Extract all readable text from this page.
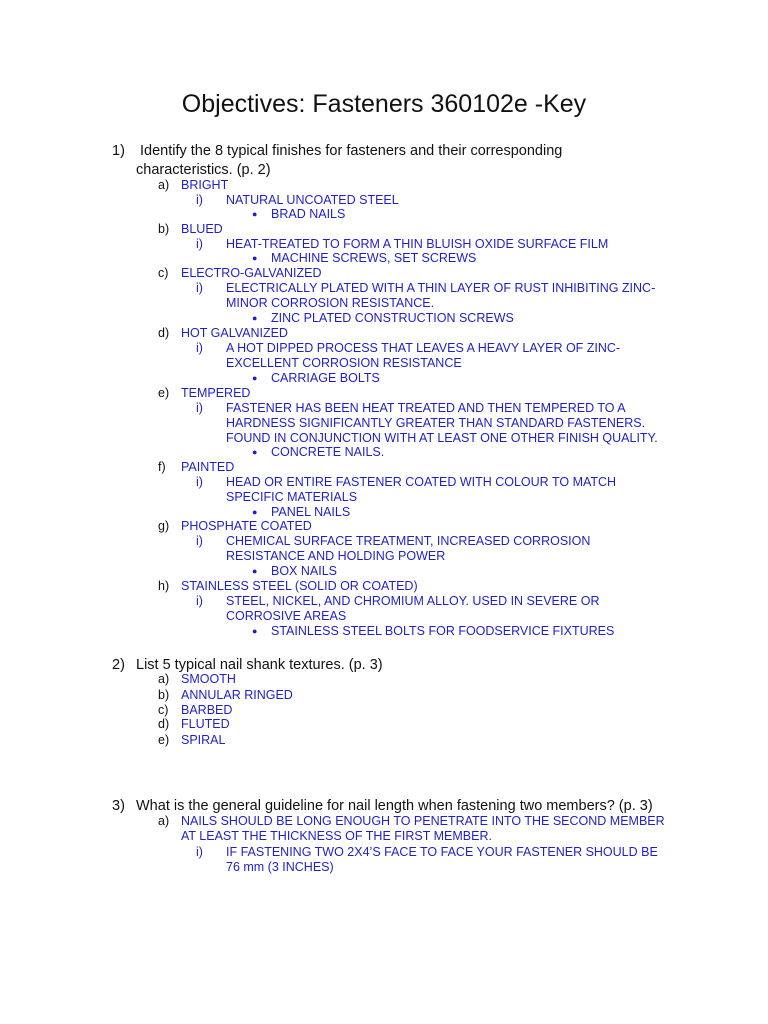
Objectives: Fasteners 360102e -Key
1) Identify the 8 typical finishes for fasteners and their corresponding
characteristics. (p. 2)
a) BRIGHT
i) NATURAL UNCOATED STEEL
● BRAD NAILS
b) BLUED
i) HEAT-TREATED TO FORM A THIN BLUISH OXIDE SURFACE FILM
● MACHINE SCREWS, SET SCREWS
c) ELECTRO-GALVANIZED
i) ELECTRICALLY PLATED WITH A THIN LAYER OF RUST INHIBITING ZINC-
MINOR CORROSION RESISTANCE.
● ZINC PLATED CONSTRUCTION SCREWS
d) HOT GALVANIZED
i) A HOT DIPPED PROCESS THAT LEAVES A HEAVY LAYER OF ZINC-
EXCELLENT CORROSION RESISTANCE
● CARRIAGE BOLTS
e) TEMPERED
i) FASTENER HAS BEEN HEAT TREATED AND THEN TEMPERED TO A
HARDNESS SIGNIFICANTLY GREATER THAN STANDARD FASTENERS.
FOUND IN CONJUNCTION WITH AT LEAST ONE OTHER FINISH QUALITY.
● CONCRETE NAILS.
f) PAINTED
i) HEAD OR ENTIRE FASTENER COATED WITH COLOUR TO MATCH
SPECIFIC MATERIALS
● PANEL NAILS
g) PHOSPHATE COATED
i) CHEMICAL SURFACE TREATMENT, INCREASED CORROSION
RESISTANCE AND HOLDING POWER
● BOX NAILS
h) STAINLESS STEEL (SOLID OR COATED)
i) STEEL, NICKEL, AND CHROMIUM ALLOY. USED IN SEVERE OR
CORROSIVE AREAS
● STAINLESS STEEL BOLTS FOR FOODSERVICE FIXTURES
2) List 5 typical nail shank textures. (p. 3)
a) SMOOTH
b) ANNULAR RINGED
c) BARBED
d) FLUTED
e) SPIRAL
3) What is the general guideline for nail length when fastening two members? (p. 3)
a) NAILS SHOULD BE LONG ENOUGH TO PENETRATE INTO THE SECOND MEMBER
AT LEAST THE THICKNESS OF THE FIRST MEMBER.
i) IF FASTENING TWO 2X4’S FACE TO FACE YOUR FASTENER SHOULD BE
76 mm (3 INCHES)
